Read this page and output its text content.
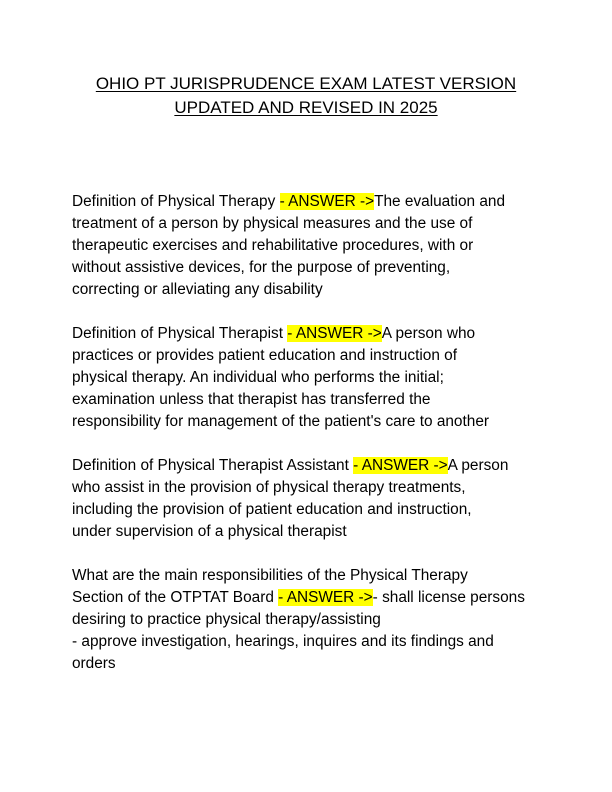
OHIO PT JURISPRUDENCE EXAM LATEST VERSION
UPDATED AND REVISED IN 2025
Definition of Physical Therapy - ANSWER ->The evaluation and
treatment of a person by physical measures and the use of
therapeutic exercises and rehabilitative procedures, with or
without assistive devices, for the purpose of preventing,
correcting or alleviating any disability
Definition of Physical Therapist - ANSWER ->A person who
practices or provides patient education and instruction of
physical therapy. An individual who performs the initial;
examination unless that therapist has transferred the
responsibility for management of the patient's care to another
Definition of Physical Therapist Assistant - ANSWER ->A person
who assist in the provision of physical therapy treatments,
including the provision of patient education and instruction,
under supervision of a physical therapist
What are the main responsibilities of the Physical Therapy
Section of the OTPTAT Board - ANSWER ->- shall license persons
desiring to practice physical therapy/assisting
- approve investigation, hearings, inquires and its findings and
orders
